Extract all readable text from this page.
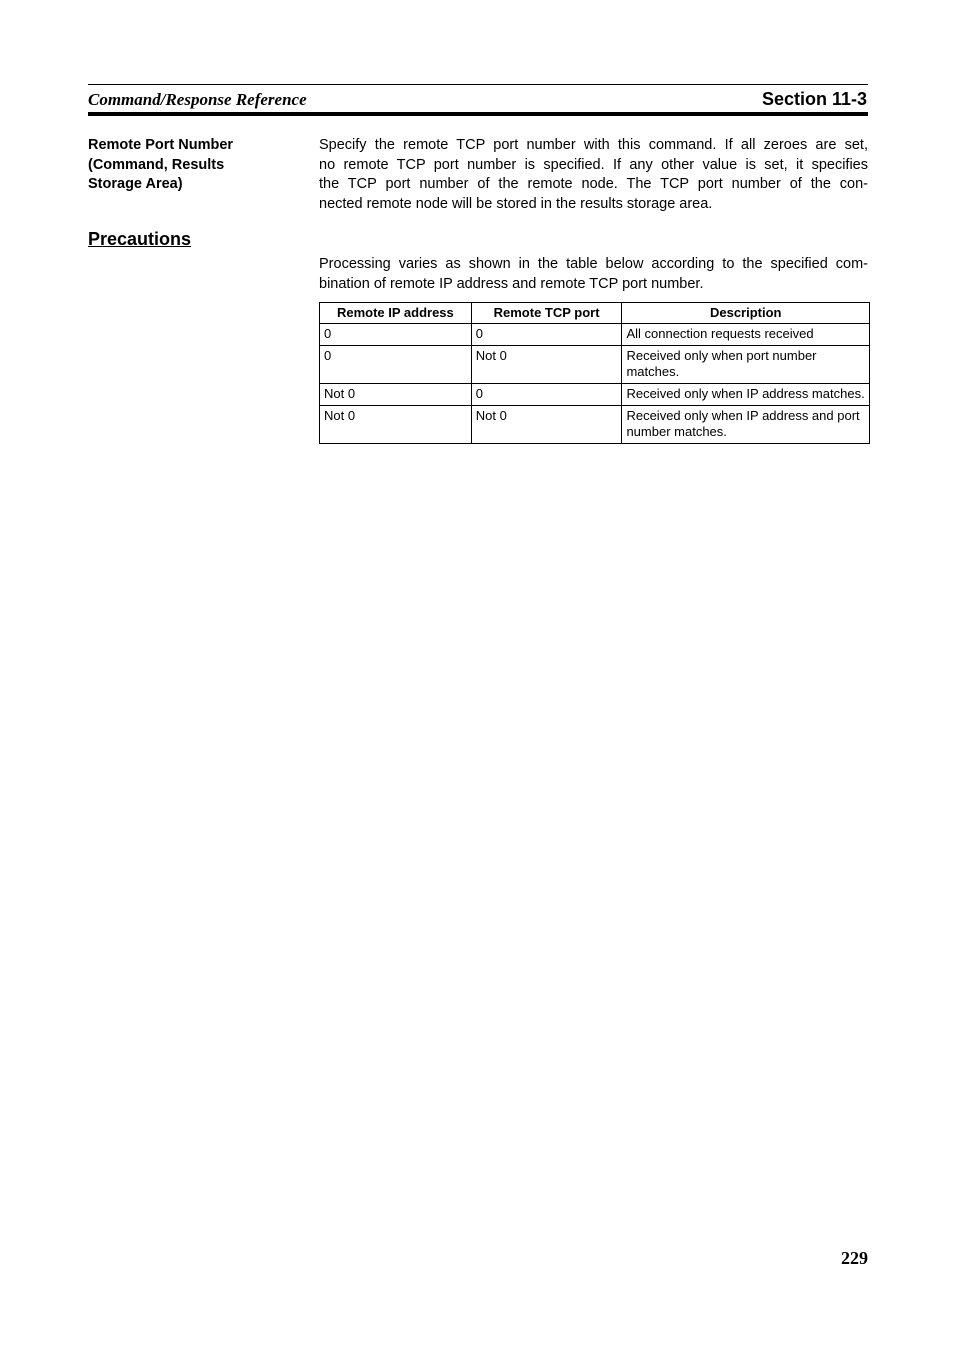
Command/Response Reference	Section 11-3
Remote Port Number
(Command, Results
Storage Area)
Specify the remote TCP port number with this command. If all zeroes are set,
no remote TCP port number is specified. If any other value is set, it specifies
the TCP port number of the remote node. The TCP port number of the con-
nected remote node will be stored in the results storage area.
Precautions
Processing varies as shown in the table below according to the specified com-
bination of remote IP address and remote TCP port number.
Remote IP address	Remote TCP port	Description
0	0	All connection requests received
0	Not 0	Received only when port number matches.
Not 0	0	Received only when IP address matches.
Not 0	Not 0	Received only when IP address and port number matches.
229
